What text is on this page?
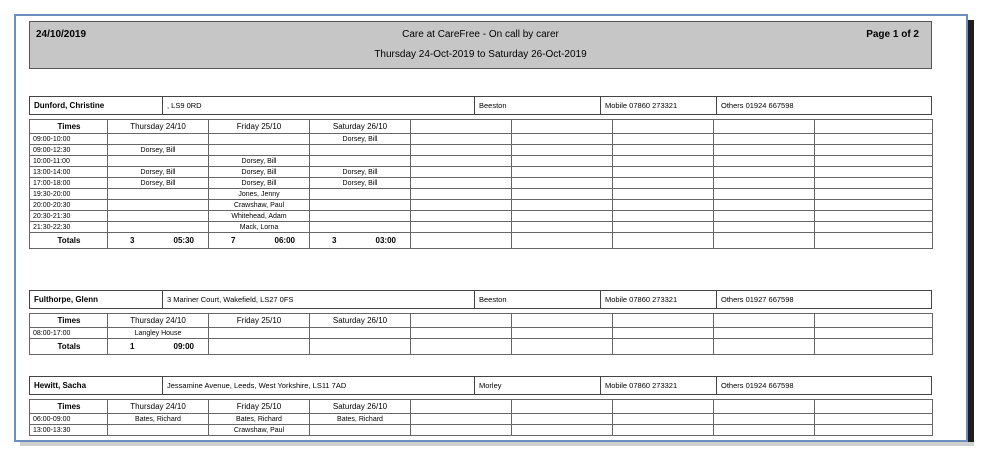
24/10/2019	Care at CareFree - On call by carer
Thursday 24-Oct-2019 to Saturday 26-Oct-2019
Page 1 of 2
Dunford, Christine	, LS9 0RD	Beeston	Mobile 07860 273321	Others 01924 667598
Times	Thursday 24/10	Friday 25/10	Saturday 26/10					
09:00-10:00			Dorsey, Bill					
09:00-12:30	Dorsey, Bill							
10:00-11:00		Dorsey, Bill						
13:00-14:00	Dorsey, Bill	Dorsey, Bill	Dorsey, Bill					
17:00-18:00	Dorsey, Bill	Dorsey, Bill	Dorsey, Bill					
19:30-20:00		Jones, Jenny						
20:00-20:30		Crawshaw, Paul						
20:30-21:30		Whitehead, Adam						
21:30-22:30		Mack, Lorna						
Totals	3 05:30	7 06:00	3 03:00					

Fulthorpe, Glenn	3 Mariner Court, Wakefield, LS27 0FS	Beeston	Mobile 07860 273321	Others 01927 667598
Times	Thursday 24/10	Friday 25/10	Saturday 26/10					
08:00-17:00	Langley House							
Totals	1 09:00							

Hewitt, Sacha	Jessamine Avenue, Leeds, West Yorkshire, LS11 7AD	Morley	Mobile 07860 273321	Others 01924 667598
Times	Thursday 24/10	Friday 25/10	Saturday 26/10					
06:00-09:00	Bates, Richard	Bates, Richard	Bates, Richard					
13:00-13:30		Crawshaw, Paul						
